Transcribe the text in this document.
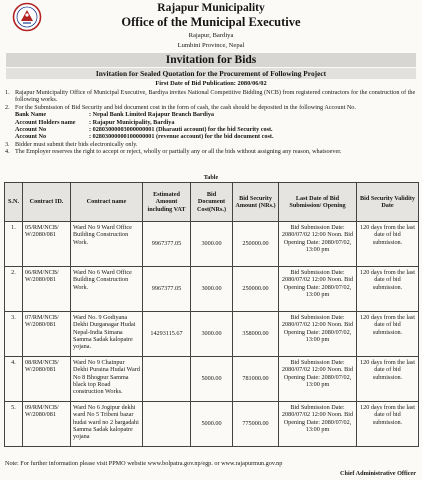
Rajapur Municipality
Office of the Municipal Executive
Rajapur, Bardiya
Lumbini Province, Nepal
Invitation for Bids
Invitation for Sealed Quotation for the Procurement of Following Project
First Date of Bid Publication: 2080/06/02
1. Rajapur Municipality Office of Municipal Executive, Bardiya invites National Competitive Bidding (NCB) from registered contractors for the construction of the following works.
2. For the Submission of Bid Security and bid document cost in the form of cash, the cash should be deposited in the following Account No.
Bank Name	: Nepal Bank Limited Rajapur Branch Bardiya
Account Holders name	: Rajapur Municipality, Bardiya
Account No	: 02803000003000000001 (Dharauti account) for the bid Security cost.
Account No	: 02803000000100000001 (revenue account) for the bid document cost.
3. Bidder must submit their bids electronically only.
4. The Employer reserves the right to accept or reject, wholly or partially any or all the bids without assigning any reason, whatsoever.
Table
S.N.	Contract ID.	Contract name	Estimated Amount including VAT	Bid Document Cost(NRs.)	Bid Security Amount (NRs.)	Last Date of Bid Submission/ Opening	Bid Security Validity Date
1.	05/RM/NCB/ W/2080/081	Ward No 9 Ward Office Building Construction Work.	9967377.05	3000.00	250000.00	Bid Submission Date: 2080/07/02 12:00 Noon. Bid Opening Date: 2080/07/02, 13:00 pm	120 days from the last date of bid submission.
2.	06/RM/NCB/ W/2080/081	Ward No 6 Ward Office Building Construction Work.	9967377.05	3000.00	250000.00	Bid Submission Date: 2080/07/02 12:00 Noon. Bid Opening Date: 2080/07/02, 13:00 pm	120 days from the last date of bid submission.
3.	07/RM/NCB/ W/2080/081	Ward No. 9 Godiyana Dekhi Durganagar Hudai Nepal-India Simana Samma Sadak kalopatre yojana.	14293115.67	3000.00	358000.00	Bid Submission Date: 2080/07/02 12:00 Noon. Bid Opening Date: 2080/07/02, 13:00 pm	120 days from the last date of bid submission.
4.	08/RM/NCB/ W/2080/081	Ward No 9 Chainpur Dekhi Puraina Hudai Ward No 8 Bhogpur Samma black top Road construction Works.		5000.00	781000.00	Bid Submission Date: 2080/07/02 12:00 Noon. Bid Opening Date: 2080/07/02, 13:00 pm	120 days from the last date of bid submission.
5.	09/RM/NCB/ W/2080/081	Ward No 6 Jogipur dekhi ward No 5 Tribeni bazar hudai ward no 2 bargadahi Samma Sadak kalopatre yojana		5000.00	775000.00	Bid Submission Date: 2080/07/02 12:00 Noon. Bid Opening Date: 2080/07/02, 13:00 pm	120 days from the last date of bid submission.
Note: For further information please visit PPMO website www.bolpatra.gov.np/egp. or www.rajapurmun.gov.np
Chief Administrative Officer
